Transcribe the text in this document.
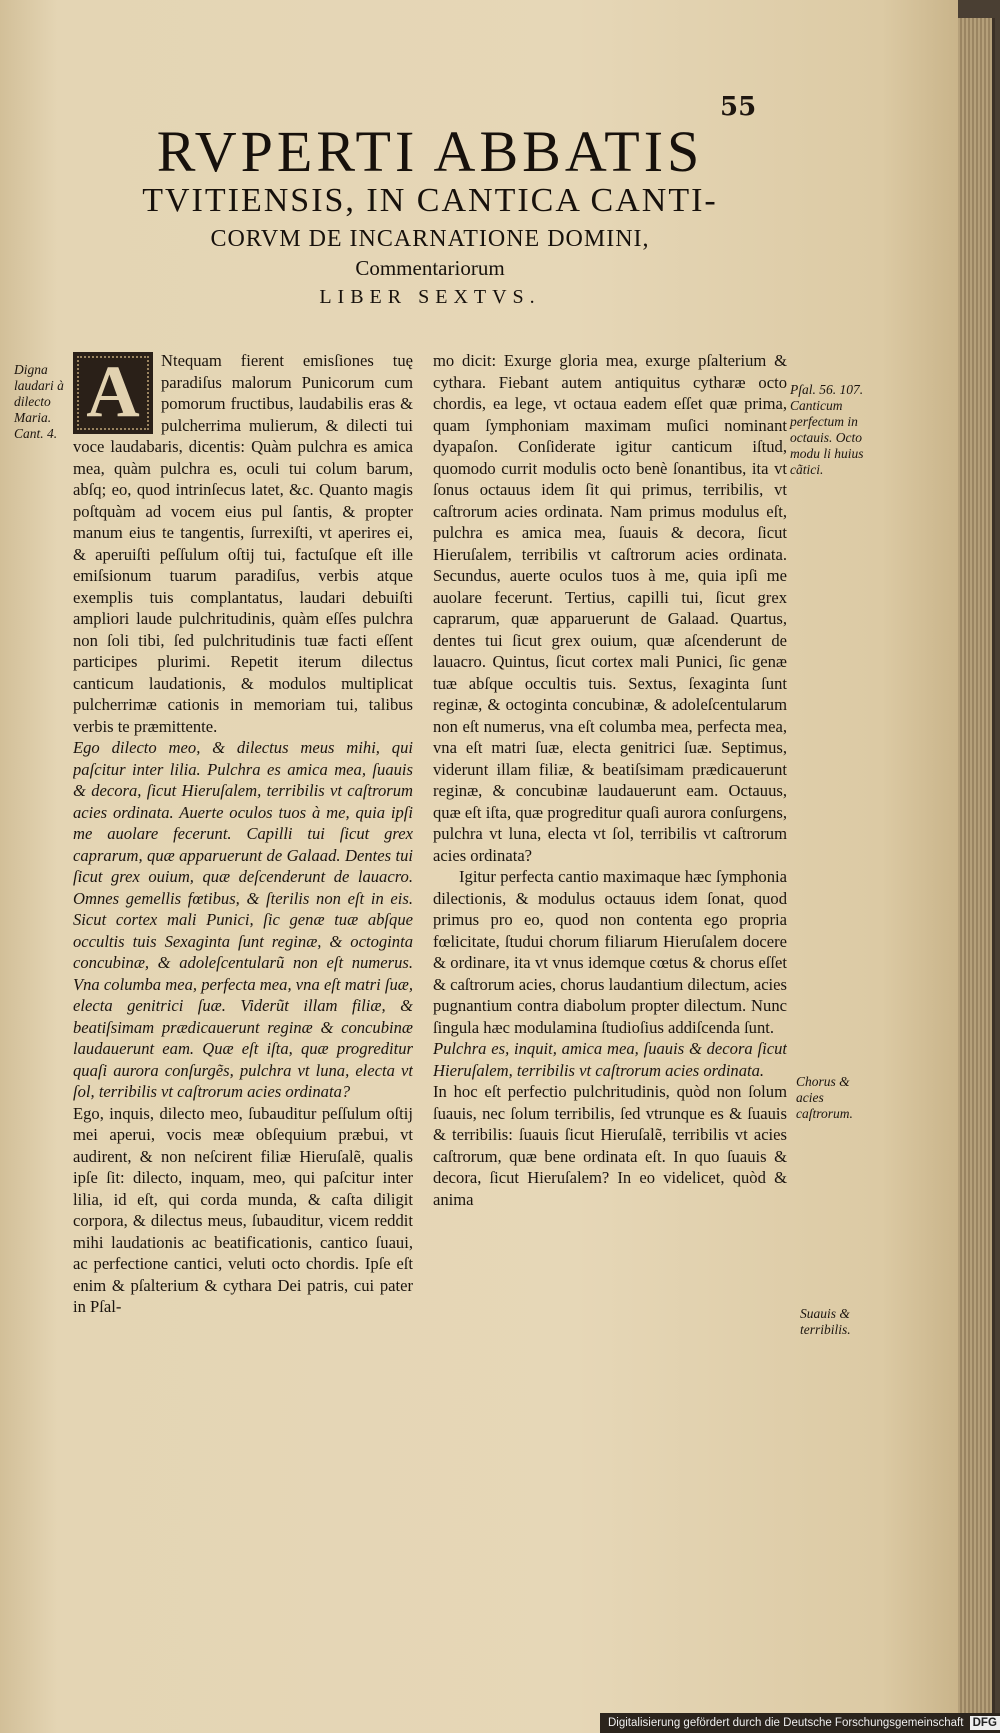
55
RVPERTI ABBATIS
TVITIENSIS, IN CANTICA CANTI-
CORVM DE INCARNATIONE DOMINI,
Commentariorum
LIBER SEXTVS.
Digna laudari à dilecto Maria. Cant. 4.
A	Ntequam fierent emisſiones tuę paradiſus malorum Punicorum cum pomorum fructibus, laudabilis eras & pulcherrima mulierum, & dilecti tui voce laudabaris, dicentis: Quàm pulchra es amica mea, quàm pulchra es, oculi tui colum barum, abſq; eo, quod intrinſecus latet, &c. Quanto magis poſtquàm ad vocem eius pul ſantis, & propter manum eius te tangentis, ſurrexiſti, vt aperires ei, & aperuiſti peſſulum oſtij tui, factuſque eſt ille emiſsionum tuarum paradiſus, verbis atque exemplis tuis complantatus, laudari debuiſti ampliori laude pulchritudinis, quàm eſſes pulchra non ſoli tibi, ſed pulchritudinis tuæ facti eſſent participes plurimi. Repetit iterum dilectus canticum laudationis, & modulos multiplicat pulcherrimæ cationis in memoriam tui, talibus verbis te præmittente.

Ego dilecto meo, & dilectus meus mihi, qui paſcitur inter lilia. Pulchra es amica mea, ſuauis & decora, ſicut Hieruſalem, terribilis vt caſtrorum acies ordinata. Auerte oculos tuos à me, quia ipſi me auolare fecerunt. Capilli tui ſicut grex caprarum, quæ apparuerunt de Galaad. Dentes tui ſicut grex ouium, quæ deſcenderunt de lauacro. Omnes gemellis fœtibus, & ſterilis non eſt in eis. Sicut cortex mali Punici, ſic genæ tuæ abſque occultis tuis Sexaginta ſunt reginæ, & octoginta concubinæ, & adoleſcentularũ non eſt numerus. Vna columba mea, perfecta mea, vna eſt matri ſuæ, electa genitrici ſuæ. Viderũt illam filiæ, & beatiſsimam prædicauerunt reginæ & concubinæ laudauerunt eam. Quæ eſt iſta, quæ progreditur quaſi aurora conſurgẽs, pulchra vt luna, electa vt ſol, terribilis vt caſtrorum acies ordinata?

Ego, inquis, dilecto meo, ſubauditur peſſulum oſtij mei aperui, vocis meæ obſequium præbui, vt audirent, & non neſcirent filiæ Hieruſalẽ, qualis ipſe ſit: dilecto, inquam, meo, qui paſcitur inter lilia, id eſt, qui corda munda, & caſta diligit corpora, & dilectus meus, ſubauditur, vicem reddit mihi laudationis ac beatificationis, cantico ſuaui, ac perfectione cantici, veluti octo chordis. Ipſe eſt enim & pſalterium & cythara Dei patris, cui pater in Pſal-

mo dicit: Exurge gloria mea, exurge pſalterium & cythara. Fiebant autem antiquitus cytharæ octo chordis, ea lege, vt octaua eadem eſſet quæ prima, quam ſymphoniam maximam muſici nominant dyapaſon. Conſiderate igitur canticum iſtud, quomodo currit modulis octo benè ſonantibus, ita vt ſonus octauus idem ſit qui primus, terribilis, vt caſtrorum acies ordinata. Nam primus modulus eſt, pulchra es amica mea, ſuauis & decora, ſicut Hieruſalem, terribilis vt caſtrorum acies ordinata. Secundus, auerte oculos tuos à me, quia ipſi me auolare fecerunt. Tertius, capilli tui, ſicut grex caprarum, quæ apparuerunt de Galaad. Quartus, dentes tui ſicut grex ouium, quæ aſcenderunt de lauacro. Quintus, ſicut cortex mali Punici, ſic genæ tuæ abſque occultis tuis. Sextus, ſexaginta ſunt reginæ, & octoginta concubinæ, & adoleſcentularum non eſt numerus, vna eſt columba mea, perfecta mea, vna eſt matri ſuæ, electa genitrici ſuæ. Septimus, viderunt illam filiæ, & beatiſsimam prædicauerunt reginæ, & concubinæ laudauerunt eam. Octauus, quæ eſt iſta, quæ progreditur quaſi aurora conſurgens, pulchra vt luna, electa vt ſol, terribilis vt caſtrorum acies ordinata?

Igitur perfecta cantio maximaque hæc ſymphonia dilectionis, & modulus octauus idem ſonat, quod primus pro eo, quod non contenta ego propria fœlicitate, ſtudui chorum filiarum Hieruſalem docere & ordinare, ita vt vnus idemque cœtus & chorus eſſet & caſtrorum acies, chorus laudantium dilectum, acies pugnantium contra diabolum propter dilectum. Nunc ſingula hæc modulamina ſtudioſius addiſcenda ſunt.

Pulchra es, inquit, amica mea, ſuauis & decora ſicut Hieruſalem, terribilis vt caſtrorum acies ordinata.

In hoc eſt perfectio pulchritudinis, quòd non ſolum ſuauis, nec ſolum terribilis, ſed vtrunque es & ſuauis & terribilis: ſuauis ſicut Hieruſalẽ, terribilis vt acies caſtrorum, quæ bene ordinata eſt. In quo ſuauis & decora, ſicut Hieruſalem? In eo videlicet, quòd & anima

Pſal. 56. 107. Canticum perfectum in octauis. Octo modu li huius cãtici.
Chorus & acies caſtrorum.
Suauis & terribilis.
Digitalisierung gefördert durch die Deutsche Forschungsgemeinschaft DFG
